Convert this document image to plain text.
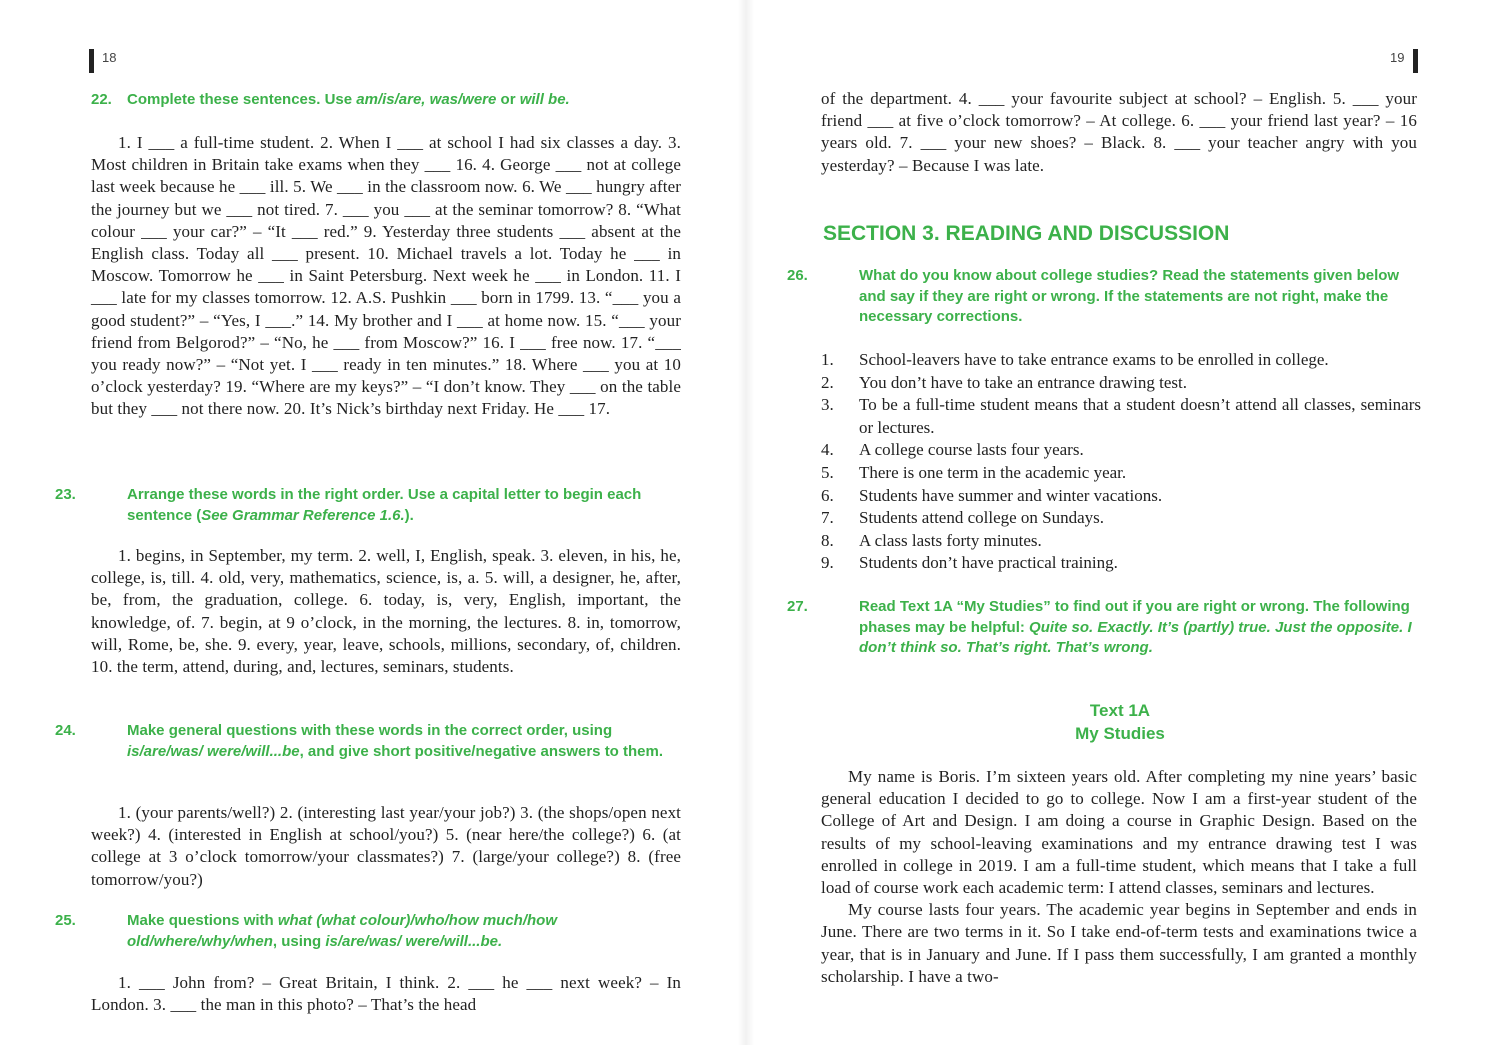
18
22. Complete these sentences. Use am/is/are, was/were or will be.

1. I ___ a full-time student. 2. When I ___ at school I had six classes a day. 3. Most children in Britain take exams when they ___ 16. 4. George ___ not at college last week because he ___ ill. 5. We ___ in the classroom now. 6. We ___ hungry after the journey but we ___ not tired. 7. ___ you ___ at the seminar tomorrow? 8. “What colour ___ your car?” – “It ___ red.” 9. Yesterday three students ___ absent at the English class. Today all ___ present. 10. Michael travels a lot. Today he ___ in Moscow. Tomorrow he ___ in Saint Petersburg. Next week he ___ in London. 11. I ___ late for my classes tomorrow. 12. A.S. Pushkin ___ born in 1799. 13. “___ you a good student?” – “Yes, I ___.” 14. My brother and I ___ at home now. 15. “___ your friend from Belgorod?” – “No, he ___ from Moscow?” 16. I ___ free now. 17. “___ you ready now?” – “Not yet. I ___ ready in ten minutes.” 18. Where ___ you at 10 o’clock yesterday? 19. “Where are my keys?” – “I don’t know. They ___ on the table but they ___ not there now. 20. It’s Nick’s birthday next Friday. He ___ 17.

23.	Arrange these words in the right order. Use a capital letter to begin each sentence (See Grammar Reference 1.6.).

1. begins, in September, my term. 2. well, I, English, speak. 3. eleven, in his, he, college, is, till. 4. old, very, mathematics, science, is, a. 5. will, a designer, he, after, be, from, the graduation, college. 6. today, is, very, English, important, the knowledge, of. 7. begin, at 9 o’clock, in the morning, the lectures. 8. in, tomorrow, will, Rome, be, she. 9. every, year, leave, schools, millions, secondary, of, children. 10. the term, attend, during, and, lectures, seminars, students.

24.	Make general questions with these words in the correct order, using is/are/was/ were/will...be, and give short positive/negative answers to them.

1. (your parents/well?) 2. (interesting last year/your job?) 3. (the shops/open next week?) 4. (interested in English at school/you?) 5. (near here/the college?) 6. (at college at 3 o’clock tomorrow/your classmates?) 7. (large/your college?) 8. (free tomorrow/you?)

25.	Make questions with what (what colour)/who/how much/how old/where/why/when, using is/are/was/ were/will...be.

1. ___ John from? – Great Britain, I think. 2. ___ he ___ next week? – In London. 3. ___ the man in this photo? – That’s the head

19

of the department. 4. ___ your favourite subject at school? – English. 5. ___ your friend ___ at five o’clock tomorrow? – At college. 6. ___ your friend last year? – 16 years old. 7. ___ your new shoes? – Black. 8. ___ your teacher angry with you yesterday? – Because I was late.

SECTION 3. READING AND DISCUSSION
26.	What do you know about college studies? Read the statements given below and say if they are right or wrong. If the statements are not right, make the necessary corrections.
1.	School-leavers have to take entrance exams to be enrolled in college.
2.	You don’t have to take an entrance drawing test.
3.	To be a full-time student means that a student doesn’t attend all classes, seminars or lectures.
4.	A college course lasts four years.
5.	There is one term in the academic year.
6.	Students have summer and winter vacations.
7.	Students attend college on Sundays.
8.	A class lasts forty minutes.
9.	Students don’t have practical training.
27.	Read Text 1A “My Studies” to find out if you are right or wrong. The following phases may be helpful: Quite so. Exactly. It’s (partly) true. Just the opposite. I don’t think so. That’s right. That’s wrong.
Text 1A
My Studies

My name is Boris. I’m sixteen years old. After completing my nine years’ basic general education I decided to go to college. Now I am a first-year student of the College of Art and Design. I am doing a course in Graphic Design. Based on the results of my school-leaving examinations and my entrance drawing test I was enrolled in college in 2019. I am a full-time student, which means that I take a full load of course work each academic term: I attend classes, seminars and lectures.

My course lasts four years. The academic year begins in September and ends in June. There are two terms in it. So I take end-of-term tests and examinations twice a year, that is in January and June. If I pass them successfully, I am granted a monthly scholarship. I have a two-
